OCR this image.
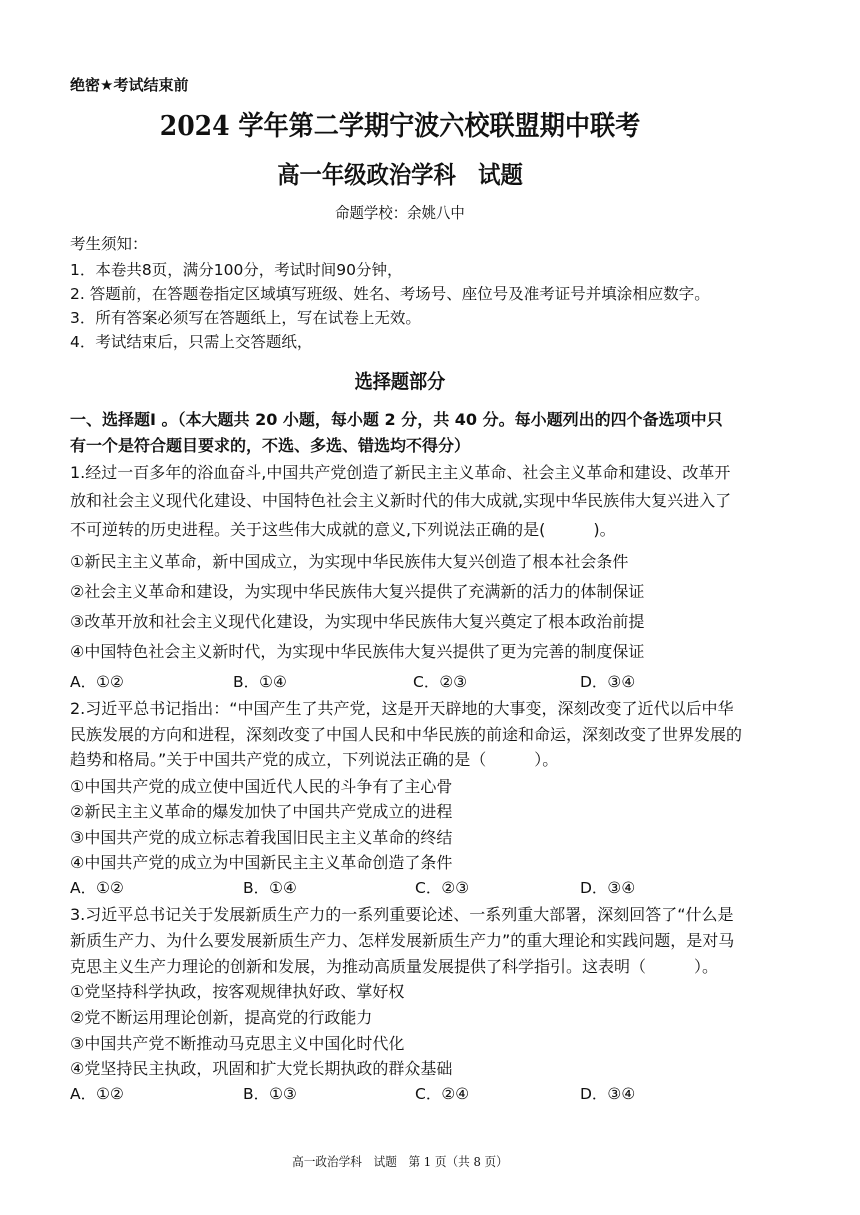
绝密★考试结束前
2024 学年第二学期宁波六校联盟期中联考
高一年级政治学科　试题
命题学校：余姚八中
考生须知：
1．本卷共8页，满分100分，考试时间90分钟，
2. 答题前，在答题卷指定区域填写班级、姓名、考场号、座位号及准考证号并填涂相应数字。
3．所有答案必须写在答题纸上，写在试卷上无效。
4．考试结束后，只需上交答题纸，
选择题部分
一、选择题Ⅰ 。（本大题共 20 小题，每小题 2 分，共 40 分。每小题列出的四个备选项中只
有一个是符合题目要求的，不选、多选、错选均不得分）
1.经过一百多年的浴血奋斗,中国共产党创造了新民主主义革命、社会主义革命和建设、改革开
放和社会主义现代化建设、中国特色社会主义新时代的伟大成就,实现中华民族伟大复兴进入了
不可逆转的历史进程。关于这些伟大成就的意义,下列说法正确的是(　　　)。
①新民主主义革命，新中国成立，为实现中华民族伟大复兴创造了根本社会条件
②社会主义革命和建设，为实现中华民族伟大复兴提供了充满新的活力的体制保证
③改革开放和社会主义现代化建设，为实现中华民族伟大复兴奠定了根本政治前提
④中国特色社会主义新时代，为实现中华民族伟大复兴提供了更为完善的制度保证
A．①②	B．①④	C．②③	D．③④
2.习近平总书记指出：“中国产生了共产党，这是开天辟地的大事变，深刻改变了近代以后中华
民族发展的方向和进程，深刻改变了中国人民和中华民族的前途和命运，深刻改变了世界发展的
趋势和格局。”关于中国共产党的成立，下列说法正确的是（　　　）。
①中国共产党的成立使中国近代人民的斗争有了主心骨
②新民主主义革命的爆发加快了中国共产党成立的进程
③中国共产党的成立标志着我国旧民主主义革命的终结
④中国共产党的成立为中国新民主主义革命创造了条件
A．①②	B．①④	C．②③	D．③④
3.习近平总书记关于发展新质生产力的一系列重要论述、一系列重大部署，深刻回答了“什么是
新质生产力、为什么要发展新质生产力、怎样发展新质生产力”的重大理论和实践问题，是对马
克思主义生产力理论的创新和发展，为推动高质量发展提供了科学指引。这表明（　　　）。
①党坚持科学执政，按客观规律执好政、掌好权
②党不断运用理论创新，提高党的行政能力
③中国共产党不断推动马克思主义中国化时代化
④党坚持民主执政，巩固和扩大党长期执政的群众基础
A．①②	B．①③	C．②④	D．③④
高一政治学科　试题　第 1 页（共 8 页）
